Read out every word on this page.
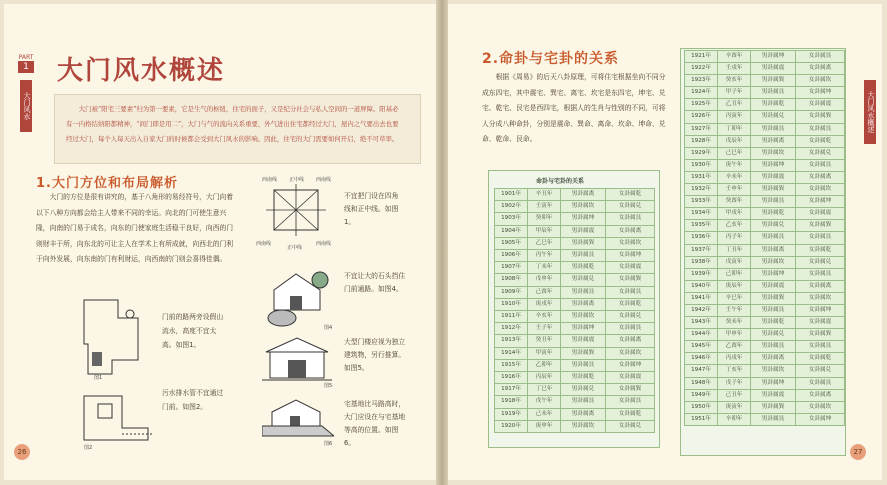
PART
1
大门风水
大门风水概述

大门被“阳宅三要素”归为第一要素，它是生气的枢纽，住宅的面子，又是纪分社会与私人空间的一道屏障。阳基必有一内格结纳阳都精神，“间门即是用二”，大门与气的流向关系重要，外气进出住宅都经过大门，屋内之气要出去也要经过大门，每个人每天出入自家大门的时候都会受到大门风水的影响。因此，住宅的大门需要如何开启，绝不可草率。

1.大门方位和布局解析

大门的方位是很有讲究的，基于八角形的易经符号，大门向着以下八种方向都会给主人带来不同的幸运。向北的门可使生意兴隆，向南的门易于成名，向东的门使家庭生活稳干良好，向西的门则财丰于所，向东北的可让主人在学术上有所成就，向西北的门利于向外发展，向东南的门有利财运，向西南的门则会喜得佳偶。

西南线 正中线 西南线
西南线
正中线
西南线

不宜把门设在四角线和正中线。如图1。

图1

门前的路两旁设假山流水，高度不宜太高。如图1。

图2

污水排水管不宜通过门前。如图2。

图4

不宜让大的石头挡住门前通路。如图4。

图5

大型门楼应视为独立建筑物，另行推算。如图5。

图6

宅基地比马路高时，大门应设在与宅基地等高的位置。如图6。

26
2.命卦与宅卦的关系

根据《周易》的后天八卦原理，可将住宅根据坐向不同分成东四宅，其中震宅、巽宅、离宅、坎宅是东四宅，坤宅、兑宅、乾宅、艮宅是西四宅，根据人的生肖与性别的不同，可将人分成八种命卦，分别是震命、巽命、离命、坎命、坤命、兑命、乾命、艮命。

命卦与宅卦的关系
1901年	辛丑年	男卦属离	女卦属乾
1902年	壬寅年	男卦属坎	女卦属兑
1903年	癸卯年	男卦属坤	女卦属艮
1904年	甲辰年	男卦属震	女卦属离
1905年	乙巳年	男卦属巽	女卦属坎
1906年	丙午年	男卦属艮	女卦属坤
1907年	丁未年	男卦属乾	女卦属震
1908年	戊申年	男卦属兑	女卦属巽
1909年	己酉年	男卦属艮	女卦属艮
1910年	庚戌年	男卦属离	女卦属乾
1911年	辛亥年	男卦属坎	女卦属兑
1912年	壬子年	男卦属坤	女卦属艮
1913年	癸丑年	男卦属震	女卦属离
1914年	甲寅年	男卦属巽	女卦属坎
1915年	乙卯年	男卦属艮	女卦属坤
1916年	丙辰年	男卦属乾	女卦属震
1917年	丁巳年	男卦属兑	女卦属巽
1918年	戊午年	男卦属艮	女卦属艮
1919年	己未年	男卦属离	女卦属乾
1920年	庚申年	男卦属坎	女卦属兑
1921年	辛酉年	男卦属坤	女卦属艮
1922年	壬戌年	男卦属震	女卦属离
1923年	癸亥年	男卦属巽	女卦属坎
1924年	甲子年	男卦属艮	女卦属坤
1925年	乙丑年	男卦属乾	女卦属震
1926年	丙寅年	男卦属兑	女卦属巽
1927年	丁卯年	男卦属艮	女卦属艮
1928年	戊辰年	男卦属离	女卦属乾
1929年	己巳年	男卦属坎	女卦属兑
1930年	庚午年	男卦属坤	女卦属艮
1931年	辛未年	男卦属震	女卦属离
1932年	壬申年	男卦属巽	女卦属坎
1933年	癸酉年	男卦属艮	女卦属坤
1934年	甲戌年	男卦属乾	女卦属震
1935年	乙亥年	男卦属兑	女卦属巽
1936年	丙子年	男卦属艮	女卦属艮
1937年	丁丑年	男卦属离	女卦属乾
1938年	戊寅年	男卦属坎	女卦属兑
1939年	己卯年	男卦属坤	女卦属艮
1940年	庚辰年	男卦属震	女卦属离
1941年	辛巳年	男卦属巽	女卦属坎
1942年	壬午年	男卦属艮	女卦属坤
1943年	癸未年	男卦属乾	女卦属震
1944年	甲申年	男卦属兑	女卦属巽
1945年	乙酉年	男卦属艮	女卦属艮
1946年	丙戌年	男卦属离	女卦属乾
1947年	丁亥年	男卦属坎	女卦属兑
1948年	戊子年	男卦属坤	女卦属艮
1949年	己丑年	男卦属震	女卦属离
1950年	庚寅年	男卦属巽	女卦属坎
1951年	辛卯年	男卦属艮	女卦属坤
大门风水概述
27
